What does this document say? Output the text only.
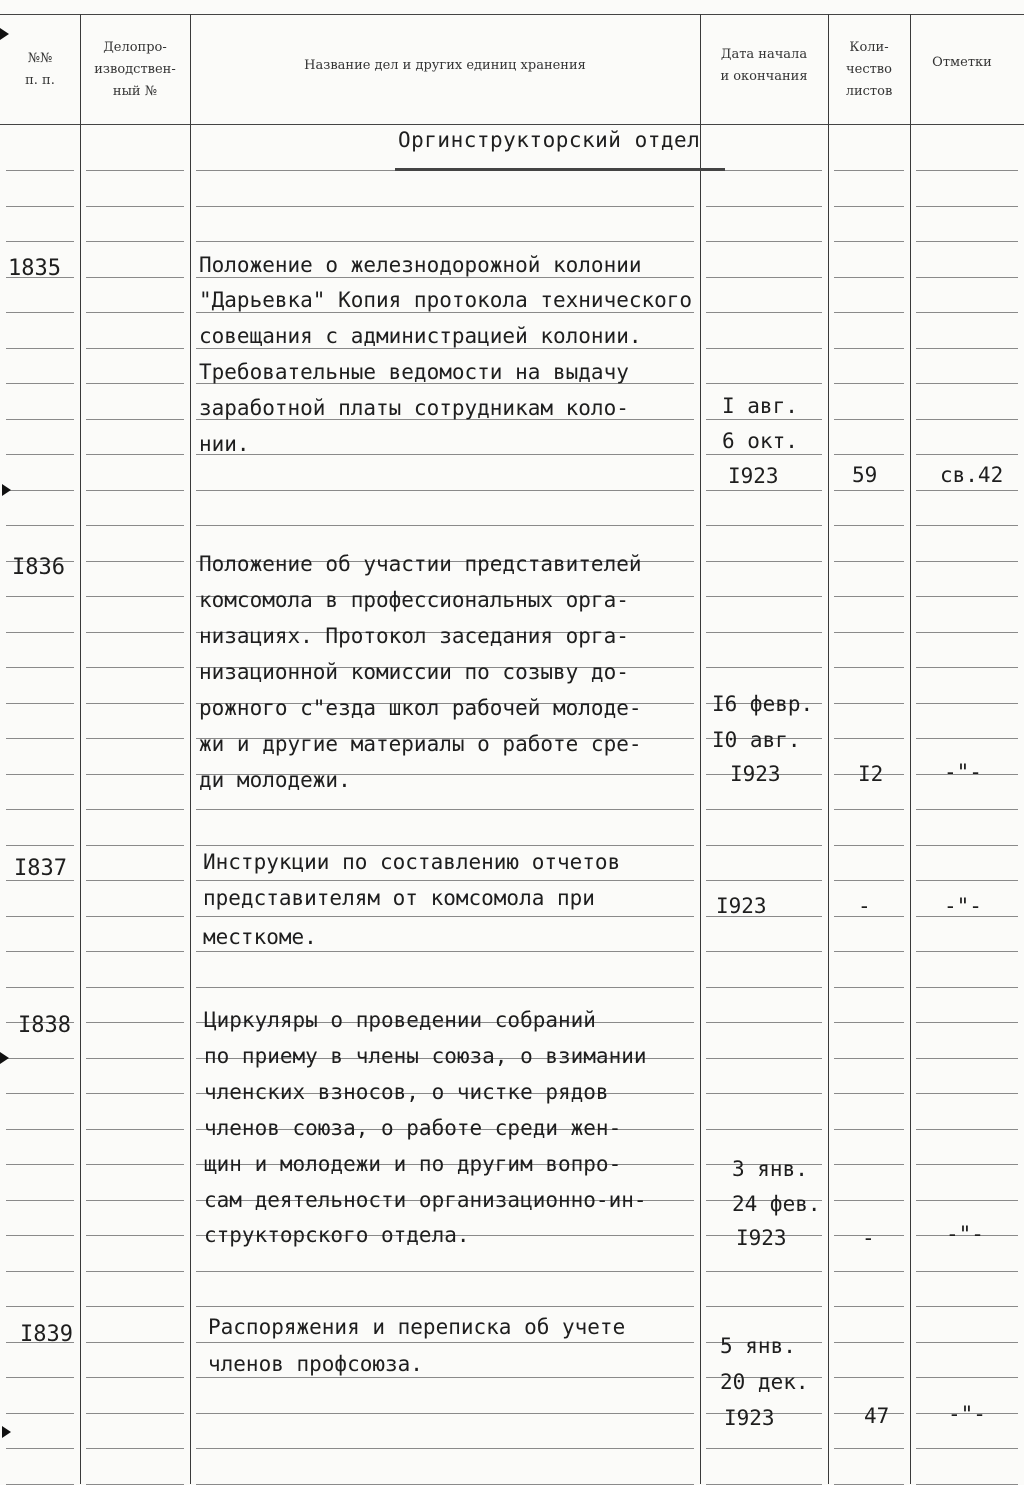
№№
п. п.
Делопро-
изводствен-
ный №
Название дел и других единиц хранения
Дата начала
и окончания
Коли-
чество
листов
Отметки
Оргинструкторский отдел
1835	Положение о железнодорожной колонии
"Дарьевка" Копия протокола технического
совещания с администрацией колонии.
Требовательные ведомости на выдачу
заработной платы сотрудникам коло-
нии.
I авг.
6 окт.
I923	59	св.42
I836	Положение об участии представителей
комсомола в профессиональных орга-
низациях. Протокол заседания орга-
низационной комиссии по созыву до-
рожного с"езда школ рабочей молоде-
жи и другие материалы о работе сре-
ди молодежи.
I6 февр.
I0 авг.
I923	I2	-"-
I837	Инструкции по составлению отчетов
представителям от комсомола при
месткоме.
I923	-	-"-
I838	Циркуляры о проведении собраний
по приему в члены союза, о взимании
членских взносов, о чистке рядов
членов союза, о работе среди жен-
щин и молодежи и по другим вопро-
сам деятельности организационно-ин-
структорского отдела.
3 янв.
24 фев.
I923	-	-"-
I839	Распоряжения и переписка об учете
членов профсоюза.
5 янв.
20 дек.
I923	47	-"-
